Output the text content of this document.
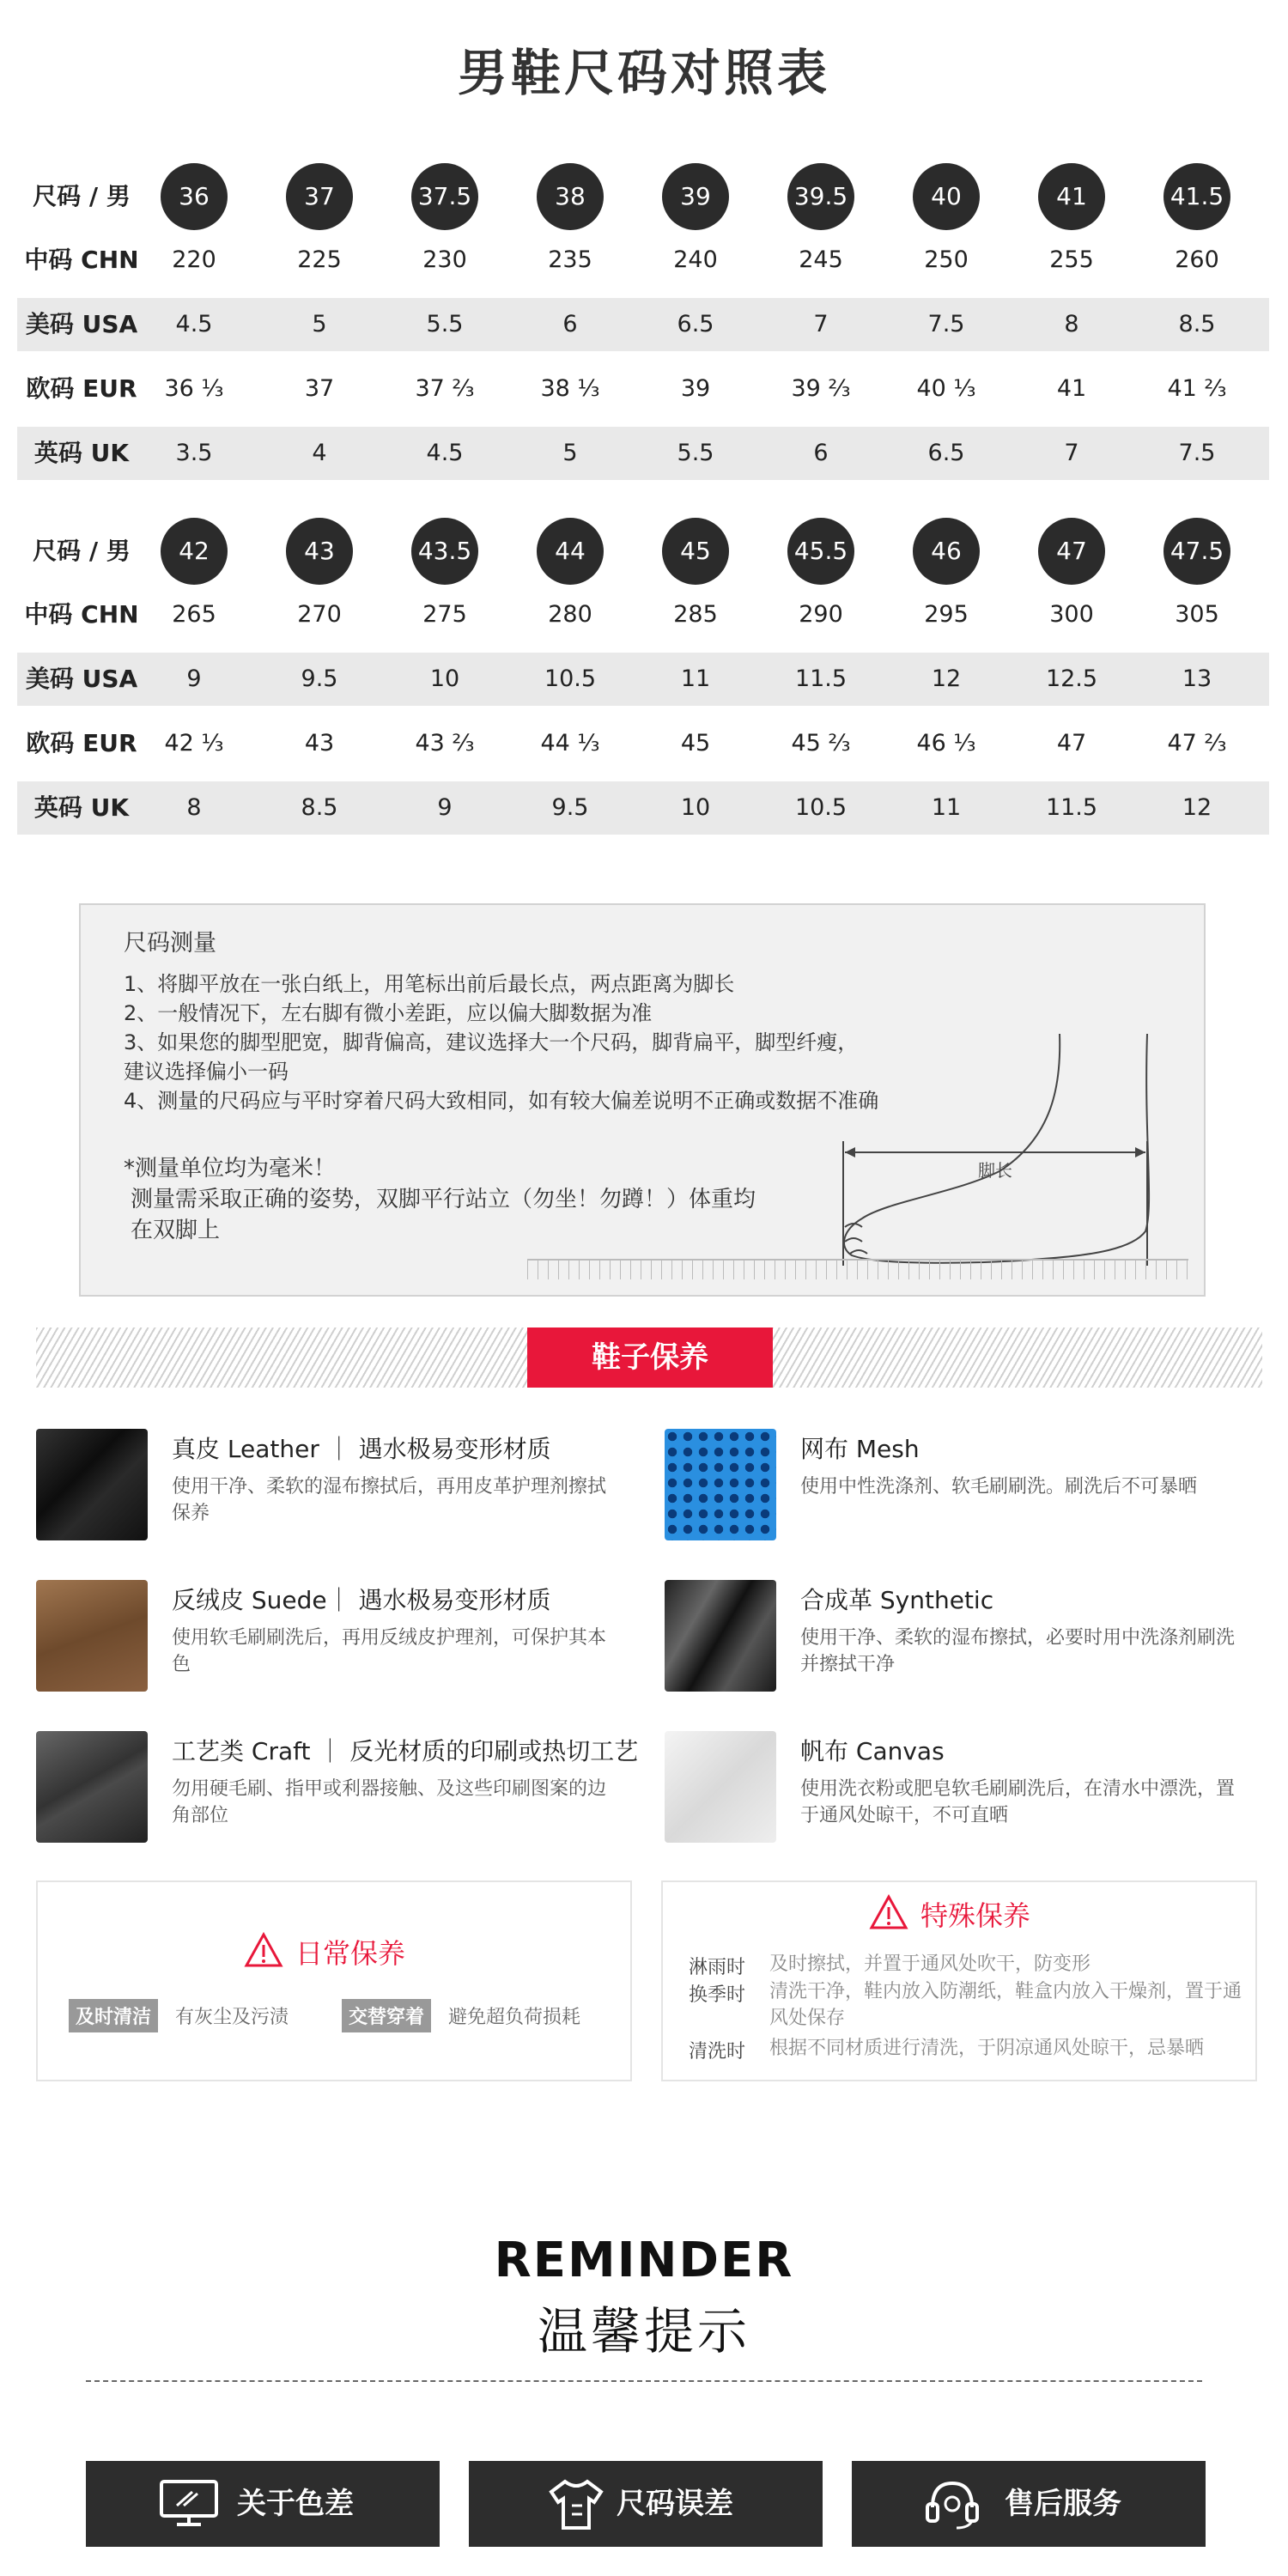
男鞋尺码对照表
尺码 / 男	36	37	37.5	38	39	39.5	40	41	41.5
中码 CHN	220	225	230	235	240	245	250	255	260
美码 USA	4.5	5	5.5	6	6.5	7	7.5	8	8.5
欧码 EUR	36 ⅓	37	37 ⅔	38 ⅓	39	39 ⅔	40 ⅓	41	41 ⅔
英码 UK	3.5	4	4.5	5	5.5	6	6.5	7	7.5
尺码 / 男	42	43	43.5	44	45	45.5	46	47	47.5
中码 CHN	265	270	275	280	285	290	295	300	305
美码 USA	9	9.5	10	10.5	11	11.5	12	12.5	13
欧码 EUR	42 ⅓	43	43 ⅔	44 ⅓	45	45 ⅔	46 ⅓	47	47 ⅔
英码 UK	8	8.5	9	9.5	10	10.5	11	11.5	12
尺码测量
1、将脚平放在一张白纸上，用笔标出前后最长点，两点距离为脚长
2、一般情况下，左右脚有微小差距，应以偏大脚数据为准
3、如果您的脚型肥宽，脚背偏高，建议选择大一个尺码，脚背扁平，脚型纤瘦，
建议选择偏小一码
4、测量的尺码应与平时穿着尺码大致相同，如有较大偏差说明不正确或数据不准确
*测量单位均为毫米！
测量需采取正确的姿势，双脚平行站立（勿坐！勿蹲！）体重均
在双脚上
脚长
鞋子保养
真皮 Leather ｜ 遇水极易变形材质
使用干净、柔软的湿布擦拭后，再用皮革护理剂擦拭保养
网布 Mesh
使用中性洗涤剂、软毛刷刷洗。刷洗后不可暴晒
反绒皮 Suede｜ 遇水极易变形材质
使用软毛刷刷洗后，再用反绒皮护理剂，可保护其本色
合成革 Synthetic
使用干净、柔软的湿布擦拭，必要时用中洗涤剂刷洗并擦拭干净
工艺类 Craft ｜ 反光材质的印刷或热切工艺
勿用硬毛刷、指甲或利器接触、及这些印刷图案的边角部位
帆布 Canvas
使用洗衣粉或肥皂软毛刷刷洗后，在清水中漂洗，置于通风处晾干，不可直晒
日常保养
及时清洁	有灰尘及污渍	交替穿着	避免超负荷损耗
特殊保养
淋雨时 及时擦拭，并置于通风处吹干，防变形
换季时 清洗干净，鞋内放入防潮纸，鞋盒内放入干燥剂，置于通风处保存
清洗时 根据不同材质进行清洗，于阴凉通风处晾干，忌暴晒
REMINDER
温馨提示
关于色差	尺码误差	售后服务
